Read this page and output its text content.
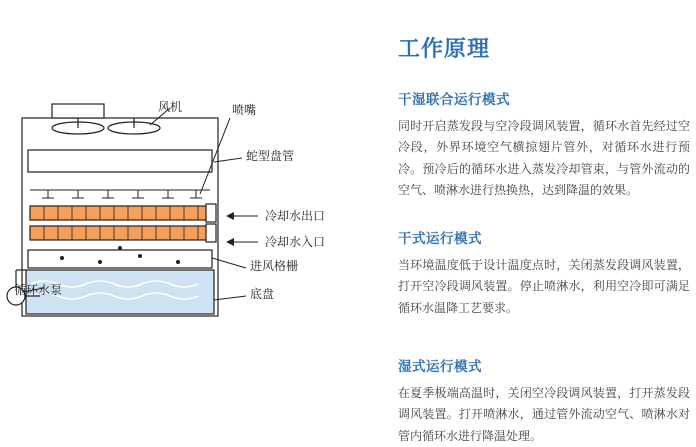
风机	喷嘴
蛇型盘管
冷却水出口
冷却水入口
进风格栅
底盘
循环水泵
工作原理
干湿联合运行模式

同时开启蒸发段与空冷段调风装置，循环水首先经过空冷段，外界环境空气横掠翅片管外，对循环水进行预冷。预冷后的循环水进入蒸发冷却管束，与管外流动的空气、喷淋水进行热换热，达到降温的效果。

干式运行模式

当环境温度低于设计温度点时，关闭蒸发段调风装置，打开空冷段调风装置。停止喷淋水，利用空冷即可满足循环水温降工艺要求。

湿式运行模式

在夏季极端高温时，关闭空冷段调风装置，打开蒸发段调风装置。打开喷淋水，通过管外流动空气、喷淋水对管内循环水进行降温处理。
